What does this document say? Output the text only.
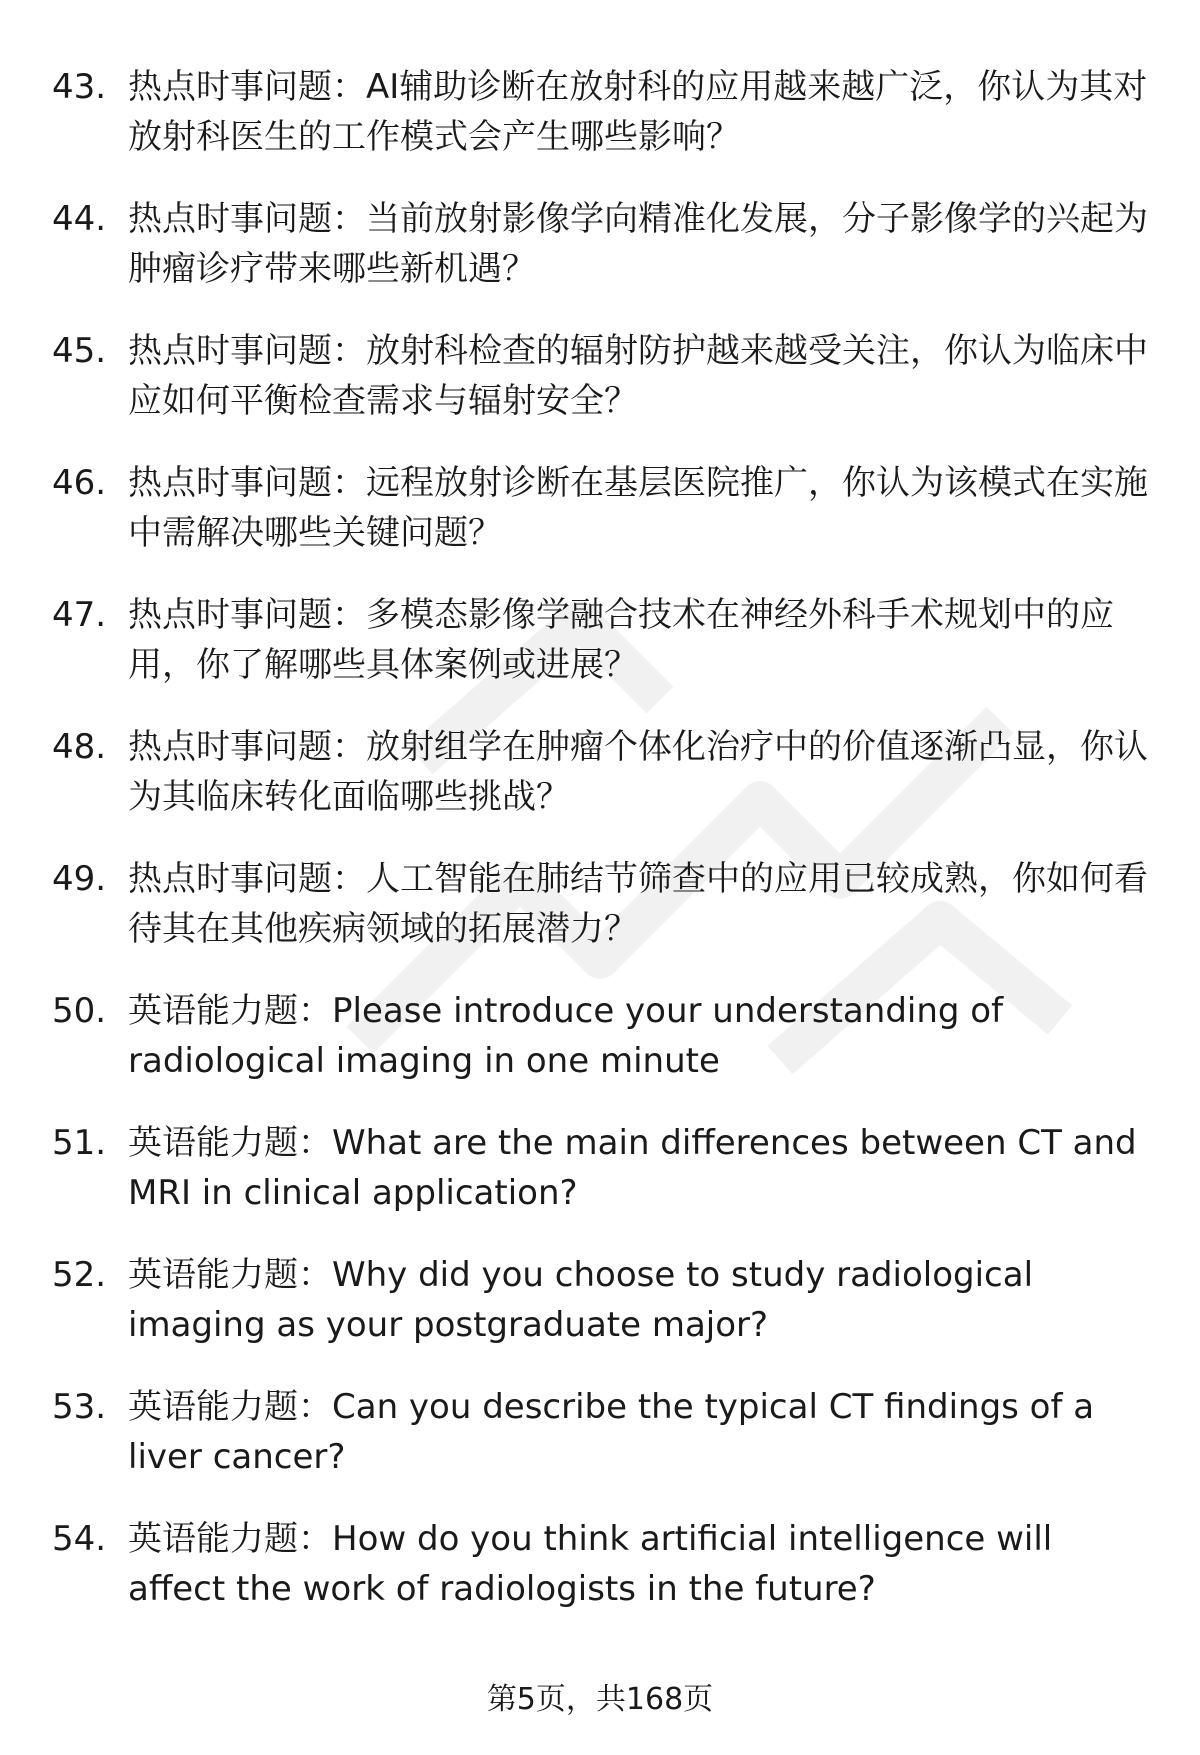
43. 热点时事问题：AI辅助诊断在放射科的应用越来越广泛，你认为其对放射科医生的工作模式会产生哪些影响？
44. 热点时事问题：当前放射影像学向精准化发展，分子影像学的兴起为肿瘤诊疗带来哪些新机遇？
45. 热点时事问题：放射科检查的辐射防护越来越受关注，你认为临床中应如何平衡检查需求与辐射安全？
46. 热点时事问题：远程放射诊断在基层医院推广，你认为该模式在实施中需解决哪些关键问题？
47. 热点时事问题：多模态影像学融合技术在神经外科手术规划中的应用，你了解哪些具体案例或进展？
48. 热点时事问题：放射组学在肿瘤个体化治疗中的价值逐渐凸显，你认为其临床转化面临哪些挑战？
49. 热点时事问题：人工智能在肺结节筛查中的应用已较成熟，你如何看待其在其他疾病领域的拓展潜力？
50. 英语能力题：Please introduce your understanding of radiological imaging in one minute
51. 英语能力题：What are the main differences between CT and MRI in clinical application?
52. 英语能力题：Why did you choose to study radiological imaging as your postgraduate major?
53. 英语能力题：Can you describe the typical CT findings of a liver cancer?
54. 英语能力题：How do you think artificial intelligence will affect the work of radiologists in the future?
第5页，共168页
